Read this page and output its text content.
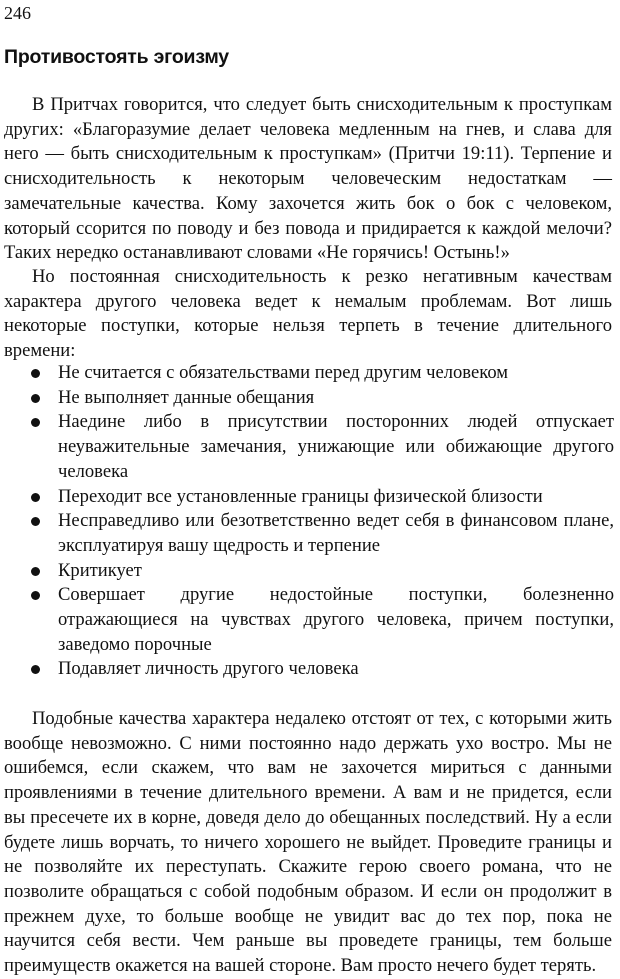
246
Противостоять эгоизму

В Притчах говорится, что следует быть снисходительным к проступкам других: «Благоразумие делает человека медленным на гнев, и слава для него — быть снисходительным к проступкам» (Притчи 19:11). Терпение и снисходительность к некоторым человеческим недостаткам — замечательные качества. Кому захочется жить бок о бок с человеком, который ссорится по поводу и без повода и придирается к каждой мелочи? Таких нередко останавливают словами «Не горячись! Остынь!»

Но постоянная снисходительность к резко негативным качествам характера другого человека ведет к немалым проблемам. Вот лишь некоторые поступки, которые нельзя терпеть в течение длительного времени:

Не считается с обязательствами перед другим человеком
Не выполняет данные обещания
Наедине либо в присутствии посторонних людей отпускает неуважительные замечания, унижающие или обижающие другого человека
Переходит все установленные границы физической близости
Несправедливо или безответственно ведет себя в финансовом плане, эксплуатируя вашу щедрость и терпение
Критикует
Совершает другие недостойные поступки, болезненно отражающиеся на чувствах другого человека, причем поступки, заведомо порочные
Подавляет личность другого человека

Подобные качества характера недалеко отстоят от тех, с которыми жить вообще невозможно. С ними постоянно надо держать ухо востро. Мы не ошибемся, если скажем, что вам не захочется мириться с данными проявлениями в течение длительного времени. А вам и не придется, если вы пресечете их в корне, доведя дело до обещанных последствий. Ну а если будете лишь ворчать, то ничего хорошего не выйдет. Проведите границы и не позволяйте их переступать. Скажите герою своего романа, что не позволите обращаться с собой подобным образом. И если он продолжит в прежнем духе, то больше вообще не увидит вас до тех пор, пока не научится себя вести. Чем раньше вы проведете границы, тем больше преимуществ окажется на вашей стороне. Вам просто нечего будет терять.
